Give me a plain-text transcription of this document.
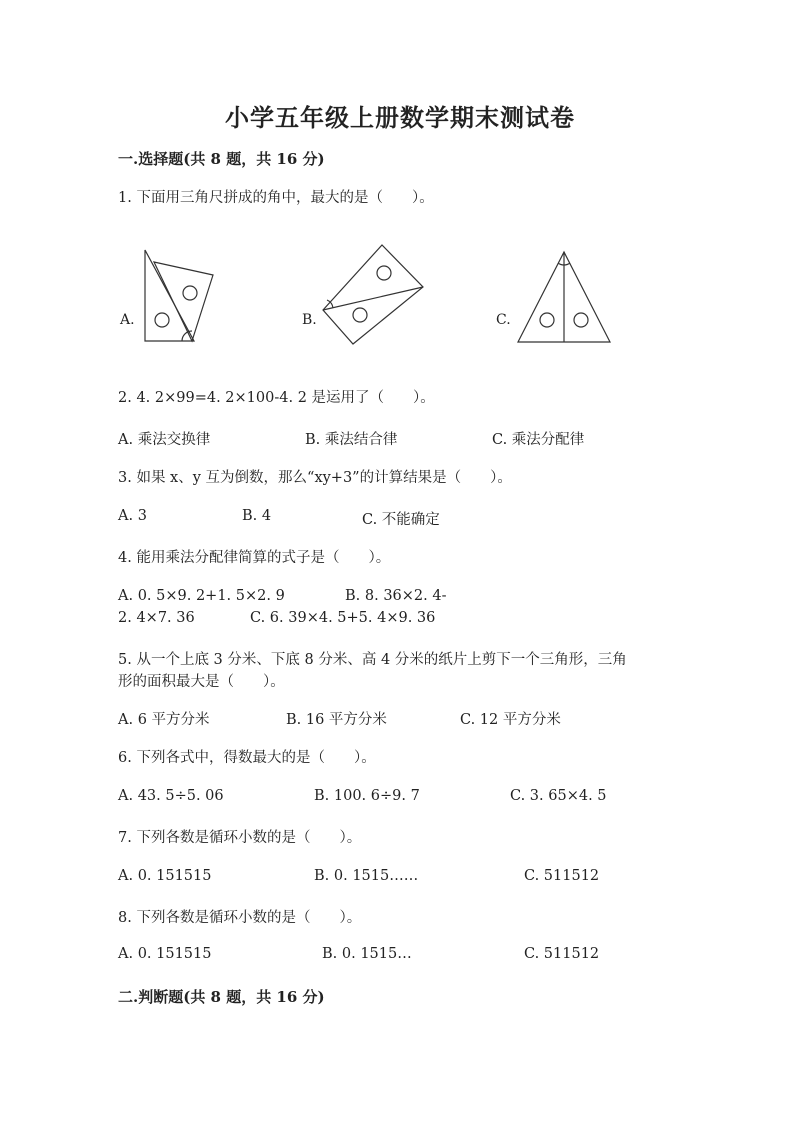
小学五年级上册数学期末测试卷
一.选择题(共 8 题，共 16 分)
1. 下面用三角尺拼成的角中，最大的是（　　）。
A.	B.	C.
2. 4. 2×99=4. 2×100-4. 2 是运用了（　　）。
A. 乘法交换律	B. 乘法结合律	C. 乘法分配律
3. 如果 x、y 互为倒数，那么“xy+3”的计算结果是（　　）。
A. 3	B. 4	C. 不能确定
4. 能用乘法分配律简算的式子是（　　）。
A. 0. 5×9. 2+1. 5×2. 9	B. 8. 36×2. 4-
2. 4×7. 36	C. 6. 39×4. 5+5. 4×9. 36
5. 从一个上底 3 分米、下底 8 分米、高 4 分米的纸片上剪下一个三角形，三角
形的面积最大是（　　）。
A. 6 平方分米	B. 16 平方分米	C. 12 平方分米
6. 下列各式中，得数最大的是（　　）。
A. 43. 5÷5. 06	B. 100. 6÷9. 7	C. 3. 65×4. 5
7. 下列各数是循环小数的是（　　）。
A. 0. 151515	B. 0. 1515……	C. 511512
8. 下列各数是循环小数的是（　　）。
A. 0. 151515	B. 0. 1515…	C. 511512
二.判断题(共 8 题，共 16 分)
